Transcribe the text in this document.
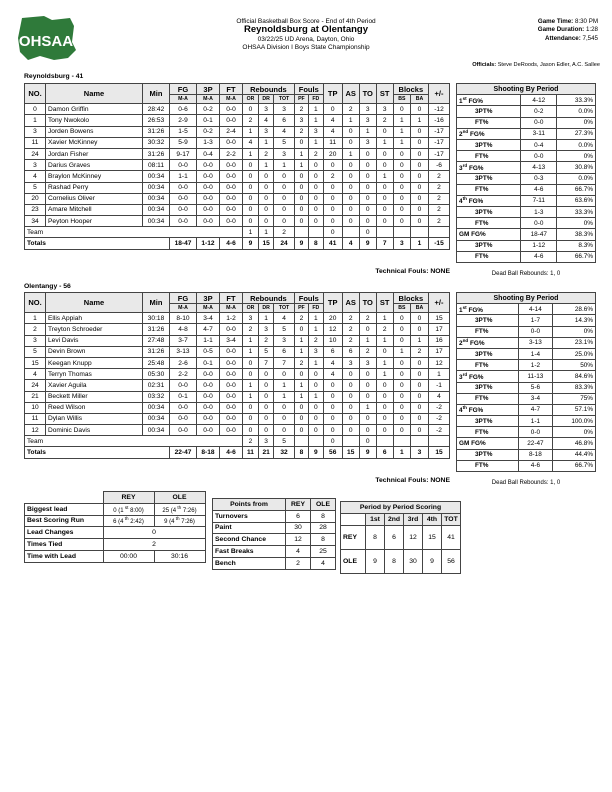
OHSAA
Official Basketball Box Score - End of 4th Period
Reynoldsburg at Olentangy
03/22/25 UD Arena, Dayton, Ohio
OHSAA Division I Boys State Championship
Game Time: 8:30 PM
Game Duration: 1:28
Attendance: 7,545
Officials: Steve DeRoods, Jason Edler, A.C. Sallee
Reynoldsburg - 41
NO.	Name	Min	FG	3P	FT	Rebounds			Fouls		TP	AS	TO	ST	Blocks		+/-
			M-A	M-A	M-A	OR	DR	TOT	PF	FD					BS	BA	
0	Damon Griffin	28:42	0-6	0-2	0-0	0	3	3	2	1	0	2	3	3	0	0	-12
1	Tony Nwokolo	26:53	2-9	0-1	0-0	2	4	6	3	1	4	1	3	2	1	1	-16
3	Jorden Bowens	31:26	1-5	0-2	2-4	1	3	4	2	3	4	0	1	0	1	0	-17
11	Xavier McKinney	30:32	5-9	1-3	0-0	4	1	5	0	1	11	0	3	1	1	0	-17
24	Jordan Fisher	31:26	9-17	0-4	2-2	1	2	3	1	2	20	1	0	0	0	0	-17
3	Darius Graves	08:11	0-0	0-0	0-0	0	1	1	1	0	0	0	0	0	0	0	-6
4	Braylon McKinney	00:34	1-1	0-0	0-0	0	0	0	0	0	2	0	0	1	0	0	2
5	Rashad Perry	00:34	0-0	0-0	0-0	0	0	0	0	0	0	0	0	0	0	0	2
20	Cornelius Oliver	00:34	0-0	0-0	0-0	0	0	0	0	0	0	0	0	0	0	0	2
23	Amare Mitchell	00:34	0-0	0-0	0-0	0	0	0	0	0	0	0	0	0	0	0	2
34	Peyton Hooper	00:34	0-0	0-0	0-0	0	0	0	0	0	0	0	0	0	0	0	2
Team						1	1	2			0		0				
Totals			18-47	1-12	4-6	9	15	24	9	8	41	4	9	7	3	1	-15
Shooting By Period		
1st FG%	4-12	33.3%
3PT%	0-2	0.0%
FT%	0-0	0%
2nd FG%	3-11	27.3%
3PT%	0-4	0.0%
FT%	0-0	0%
3rd FG%	4-13	30.8%
3PT%	0-3	0.0%
FT%	4-6	66.7%
4th FG%	7-11	63.6%
3PT%	1-3	33.3%
FT%	0-0	0%
GM FG%	18-47	38.3%
3PT%	1-12	8.3%
FT%	4-6	66.7%
Technical Fouls: NONE	Dead Ball Rebounds: 1, 0
Olentangy - 56
NO.	Name	Min	FG	3P	FT	Rebounds			Fouls		TP	AS	TO	ST	Blocks		+/-
			M-A	M-A	M-A	OR	DR	TOT	PF	FD					BS	BA	
1	Ellis Appiah	30:18	8-10	3-4	1-2	3	1	4	2	1	20	2	2	1	0	0	15
2	Treyton Schroeder	31:26	4-8	4-7	0-0	2	3	5	0	1	12	2	0	2	0	0	17
3	Levi Davis	27:48	3-7	1-1	3-4	1	2	3	1	2	10	2	1	1	0	1	16
5	Devin Brown	31:26	3-13	0-5	0-0	1	5	6	1	3	6	6	2	0	1	2	17
15	Keegan Knupp	25:48	2-6	0-1	0-0	0	7	7	2	1	4	3	3	1	0	0	12
4	Terryn Thomas	05:30	2-2	0-0	0-0	0	0	0	0	0	4	0	0	1	0	0	1
24	Xavier Aguila	02:31	0-0	0-0	0-0	1	0	1	1	0	0	0	0	0	0	0	-1
21	Beckett Miller	03:32	0-1	0-0	0-0	1	0	1	1	1	0	0	0	0	0	0	4
10	Reed Wilson	00:34	0-0	0-0	0-0	0	0	0	0	0	0	0	1	0	0	0	-2
11	Dylan Willis	00:34	0-0	0-0	0-0	0	0	0	0	0	0	0	0	0	0	0	-2
12	Dominic Davis	00:34	0-0	0-0	0-0	0	0	0	0	0	0	0	0	0	0	0	-2
Team						2	3	5			0		0				
Totals			22-47	8-18	4-6	11	21	32	8	9	56	15	9	6	1	3	15
Shooting By Period		
1st FG%	4-14	28.6%
3PT%	1-7	14.3%
FT%	0-0	0%
2nd FG%	3-13	23.1%
3PT%	1-4	25.0%
FT%	1-2	50%
3rd FG%	11-13	84.6%
3PT%	5-6	83.3%
FT%	3-4	75%
4th FG%	4-7	57.1%
3PT%	1-1	100.0%
FT%	0-0	0%
GM FG%	22-47	46.8%
3PT%	8-18	44.4%
FT%	4-6	66.7%
Technical Fouls: NONE	Dead Ball Rebounds: 1, 0
	REY	OLE
Biggest lead	0 (1 $^{st}$ 8:00)	25 (4 $^{th}$ 7:26)
Best Scoring Run	6 (4 $^{th}$ 2:42)	9 (4 $^{th}$ 7:26)
Lead Changes	0	
Times Tied	2	
Time with Lead	00:00	30:16
Points from	REY	OLE
Turnovers	6	8
Paint	30	28
Second Chance	12	8
Fast Breaks	4	25
Bench	2	4
Period by Period Scoring					
	1st	2nd	3rd	4th	TOT
REY	8	6	12	15	41
OLE	9	8	30	9	56
